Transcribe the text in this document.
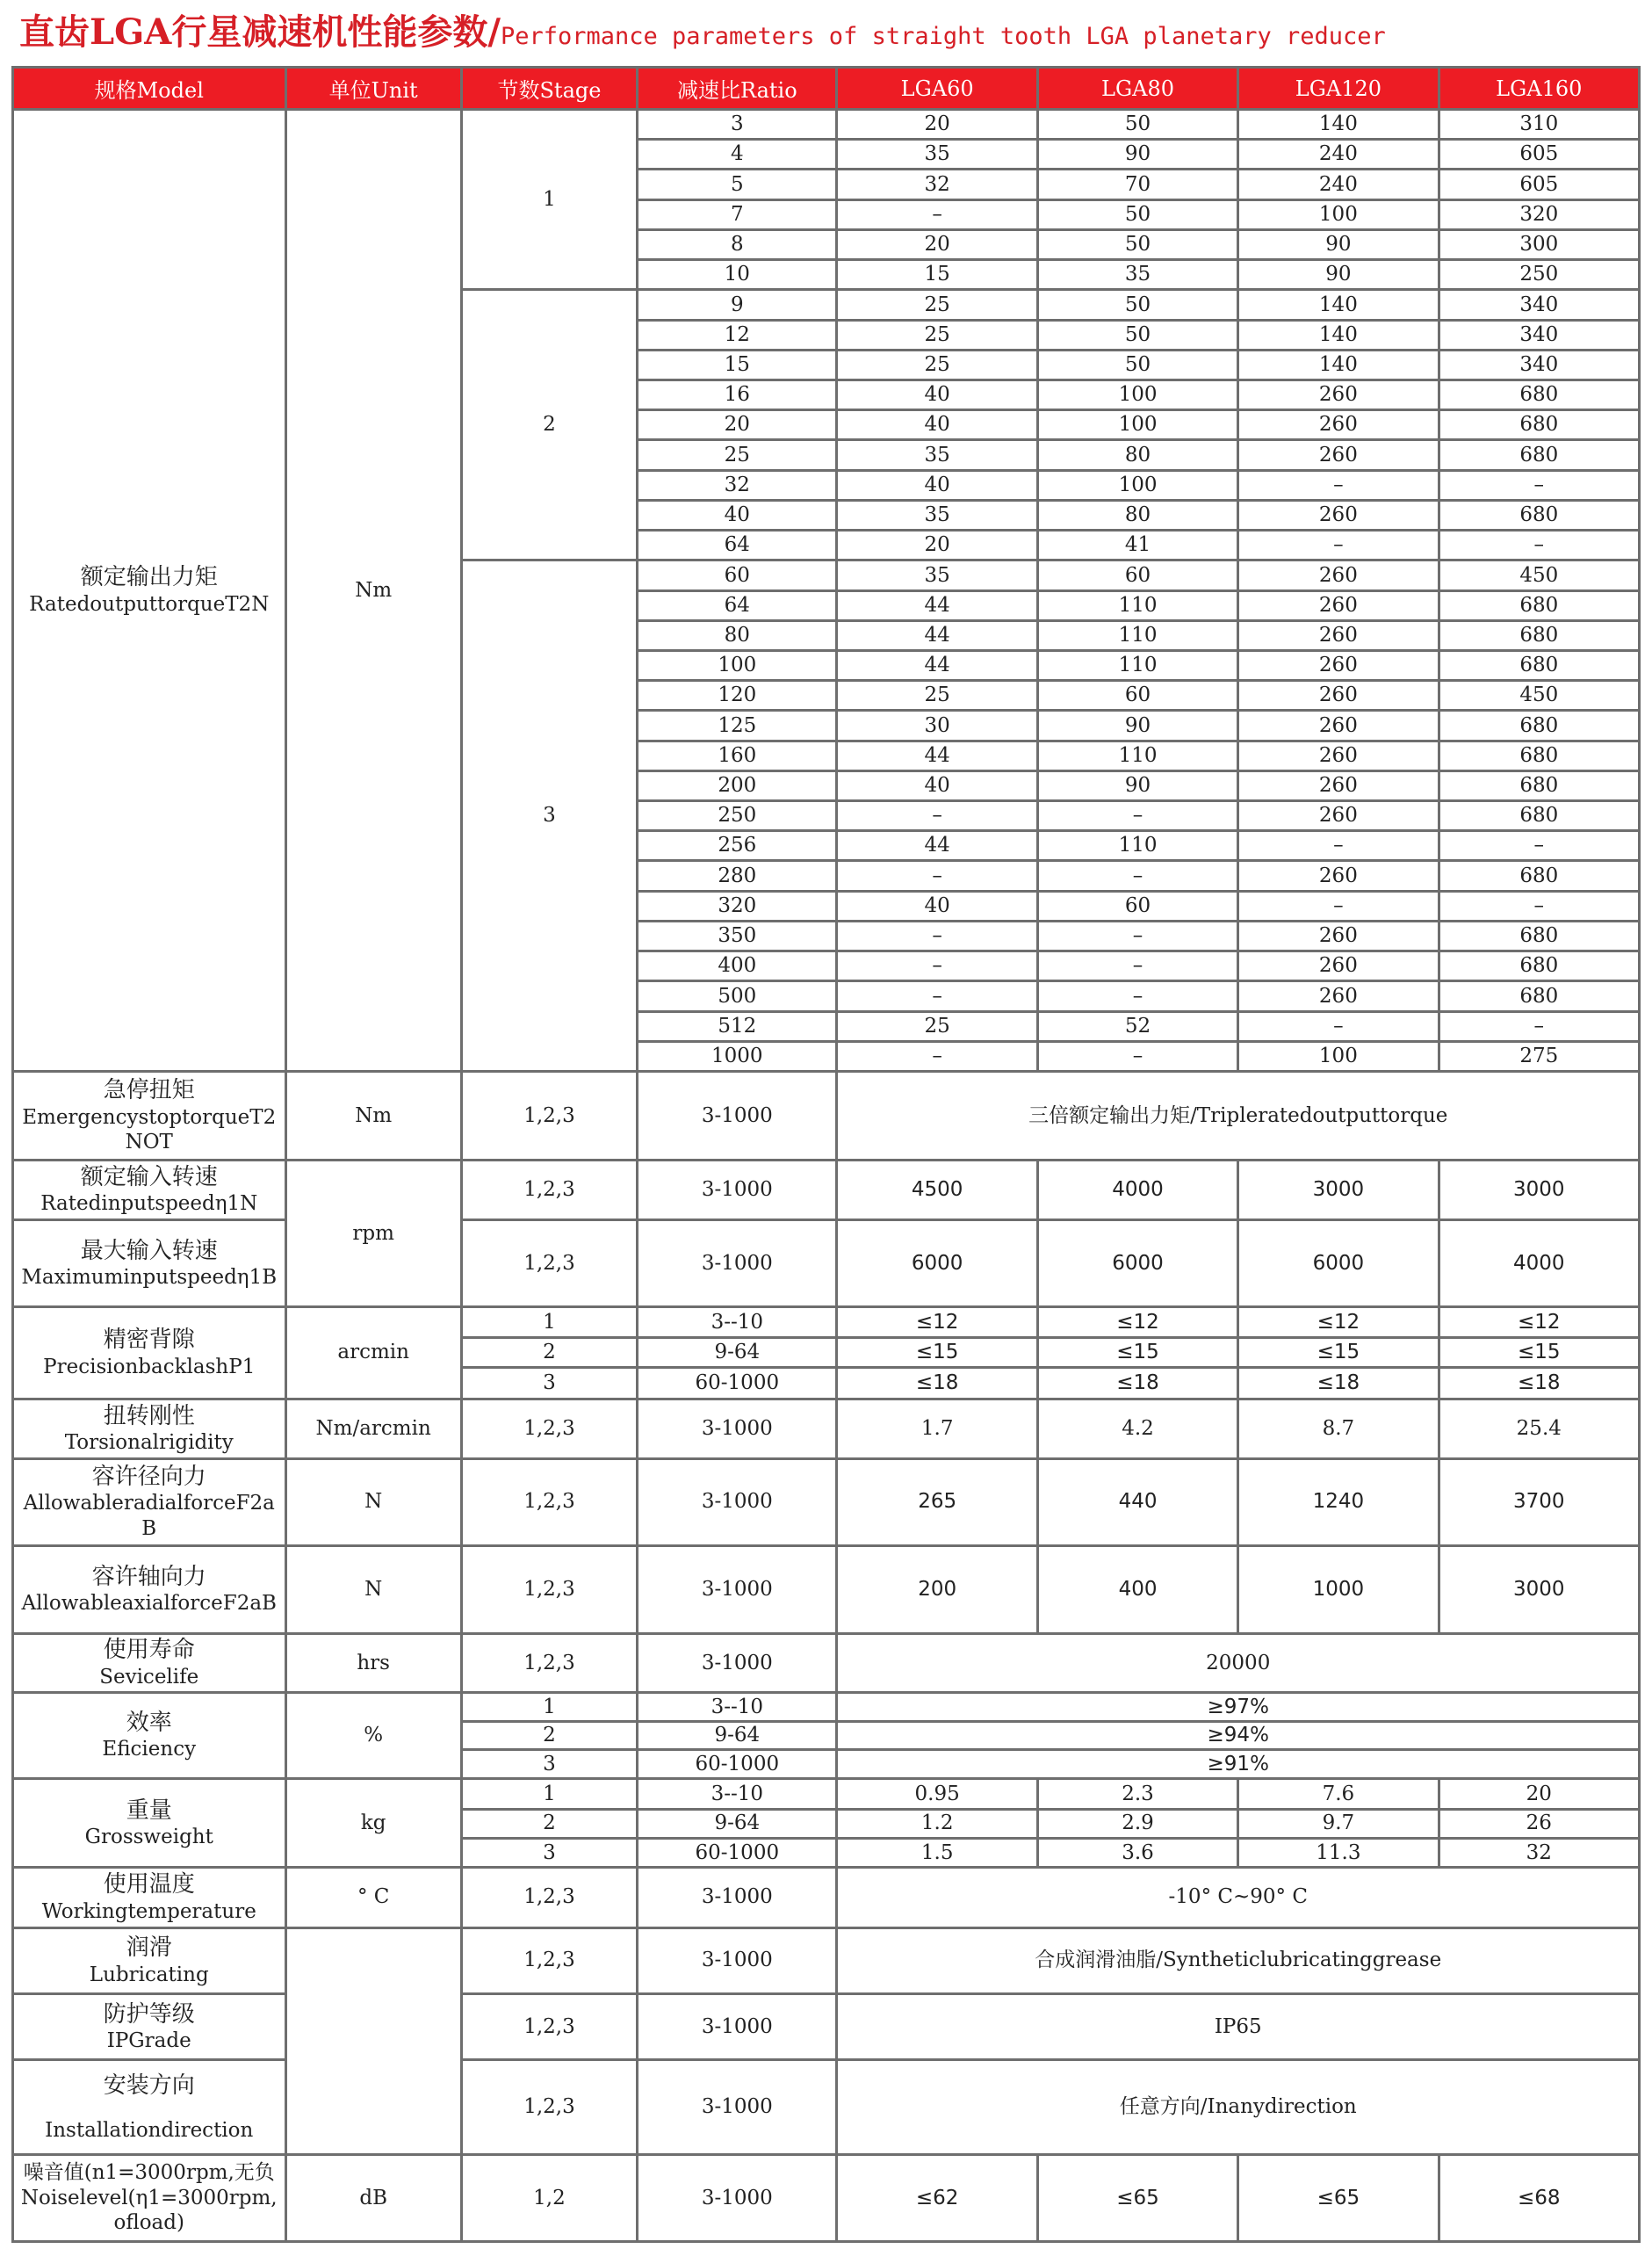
直齿LGA行星减速机性能参数/Performance parameters of straight tooth LGA planetary reducer
规格Model	单位Unit	节数Stage	减速比Ratio	LGA60	LGA80	LGA120	LGA160

额定输出力矩
RatedoutputtorqueT2N	Nm	1	3	20	50	140	310
			4	35	90	240	605
			5	32	70	240	605
			7	–	50	100	320
			8	20	50	90	300
			10	15	35	90	250
		2	9	25	50	140	340
			12	25	50	140	340
			15	25	50	140	340
			16	40	100	260	680
			20	40	100	260	680
			25	35	80	260	680
			32	40	100	–	–
			40	35	80	260	680
			64	20	41	–	–
		3	60	35	60	260	450
			64	44	110	260	680
			80	44	110	260	680
			100	44	110	260	680
			120	25	60	260	450
			125	30	90	260	680
			160	44	110	260	680
			200	40	90	260	680
			250	–	–	260	680
			256	44	110	–	–
			280	–	–	260	680
			320	40	60	–	–
			350	–	–	260	680
			400	–	–	260	680
			500	–	–	260	680
			512	25	52	–	–
			1000	–	–	100	275

急停扭矩
EmergencystoptorqueT2NOT	Nm	1,2,3	3-1000	三倍额定输出力矩/Tripleratedoutputtorque			

额定输入转速
Ratedinputspeedη1N	rpm	1,2,3	3-1000	4500	4000	3000	3000

最大输入转速
Maximuminputspeedη1B		1,2,3	3-1000	6000	6000	6000	4000

精密背隙
PrecisionbacklashP1	arcmin	1	3--10	≤12	≤12	≤12	≤12
		2	9-64	≤15	≤15	≤15	≤15
		3	60-1000	≤18	≤18	≤18	≤18

扭转刚性
Torsionalrigidity	Nm/arcmin	1,2,3	3-1000	1.7	4.2	8.7	25.4

容许径向力
AllowableradialforceF2aB	N	1,2,3	3-1000	265	440	1240	3700

容许轴向力
AllowableaxialforceF2aB	N	1,2,3	3-1000	200	400	1000	3000

使用寿命
Sevicelife	hrs	1,2,3	3-1000	20000			

效率
Eficiency	%	1	3--10	≥97%			
		2	9-64	≥94%			
		3	60-1000	≥91%			

重量
Grossweight	kg	1	3--10	0.95	2.3	7.6	20
		2	9-64	1.2	2.9	9.7	26
		3	60-1000	1.5	3.6	11.3	32

使用温度
Workingtemperature	° C	1,2,3	3-1000	-10° C~90° C			

润滑
Lubricating		1,2,3	3-1000	合成润滑油脂/Syntheticlubricatinggrease			

防护等级
IPGrade		1,2,3	3-1000	IP65			

安装方向
Installationdirection		1,2,3	3-1000	任意方向/Inanydirection			

噪音值(n1=3000rpm,无负
Noiselevel(η1=3000rpm,ofload)	dB	1,2	3-1000	≤62	≤65	≤65	≤68
